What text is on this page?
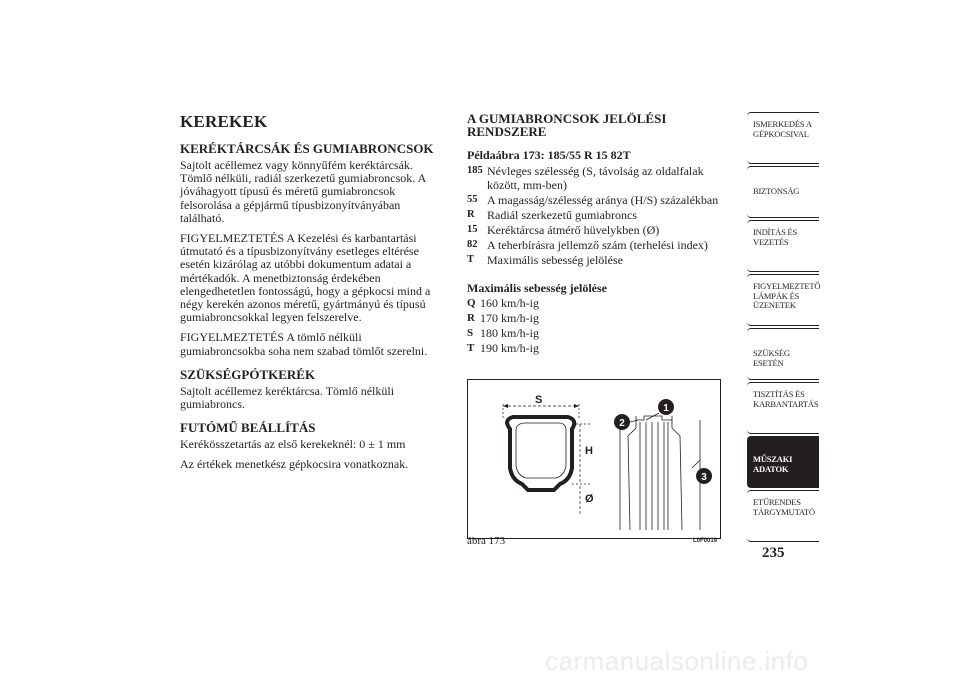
KEREKEK
KERÉKTÁRCSÁK ÉS GUMIABRONCSOK

Sajtolt acéllemez vagy könnyűfém keréktárcsák. Tömlő nélküli, radiál szerkezetű gumiabroncsok. A jóváhagyott típusú és méretű gumiabroncsok felsorolása a gépjármű típusbizonyítványában található.

FIGYELMEZTETÉS A Kezelési és karbantartási útmutató és a típusbizonyítvány esetleges eltérése esetén kizárólag az utóbbi dokumentum adatai a mértékadók. A menetbiztonság érdekében elengedhetetlen fontosságú, hogy a gépkocsi mind a négy kerekén azonos méretű, gyártmányú és típusú gumiabroncsokkal legyen felszerelve.

FIGYELMEZTETÉS A tömlő nélküli gumiabroncsokba soha nem szabad tömlőt szerelni.

SZÜKSÉGPÓTKERÉK

Sajtolt acéllemez keréktárcsa. Tömlő nélküli gumiabroncs.

FUTÓMŰ BEÁLLÍTÁS

Kerékösszetartás az első kerekeknél: 0 ± 1 mm

Az értékek menetkész gépkocsira vonatkoznak.

A GUMIABRONCSOK JELÖLÉSI RENDSZERE
Példaábra 173: 185/55 R 15 82T
185 Névleges szélesség (S, távolság az oldalfalak között, mm-ben)
55 A magasság/szélesség aránya (H/S) százalékban
R	Radiál szerkezetű gumiabroncs
15 Keréktárcsa átmérő hüvelykben (Ø)
82 A teherbírásra jellemző szám (terhelési index)
T	Maximális sebesség jelölése
Maximális sebesség jelölése
Q 160 km/h-ig
R 170 km/h-ig
S 180 km/h-ig
T 190 km/h-ig
S
H
Ø
1
2
3
ábra 173	L0F0019
ISMERKEDÉS A GÉPKOCSIVAL
BIZTONSÁG
INDÍTÁS ÉS VEZETÉS
FIGYELMEZTETŐ LÁMPÁK ÉS ÜZENETEK
SZÜKSÉG ESETÉN
TISZTÍTÁS ÉS KARBANTARTÁS
MŰSZAKI ADATOK
ETŰRENDES TÁRGYMUTATÓ
235
carmanualsonline.info
